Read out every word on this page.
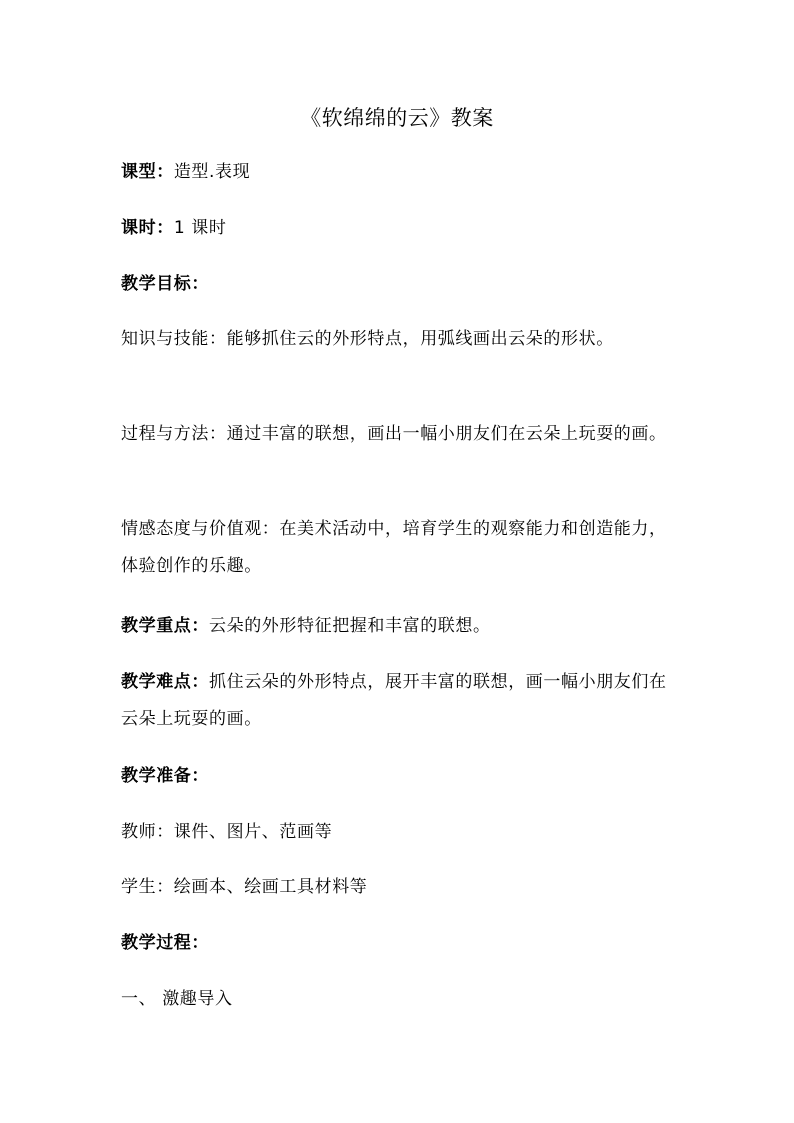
《软绵绵的云》教案

课型：造型.表现

课时：1 课时

教学目标：

知识与技能：能够抓住云的外形特点，用弧线画出云朵的形状。

过程与方法：通过丰富的联想，画出一幅小朋友们在云朵上玩耍的画。

情感态度与价值观：在美术活动中，培育学生的观察能力和创造能力，体验创作的乐趣。

教学重点：云朵的外形特征把握和丰富的联想。

教学难点：抓住云朵的外形特点，展开丰富的联想，画一幅小朋友们在云朵上玩耍的画。

教学准备：

教师：课件、图片、范画等

学生：绘画本、绘画工具材料等

教学过程：

一、 激趣导入
